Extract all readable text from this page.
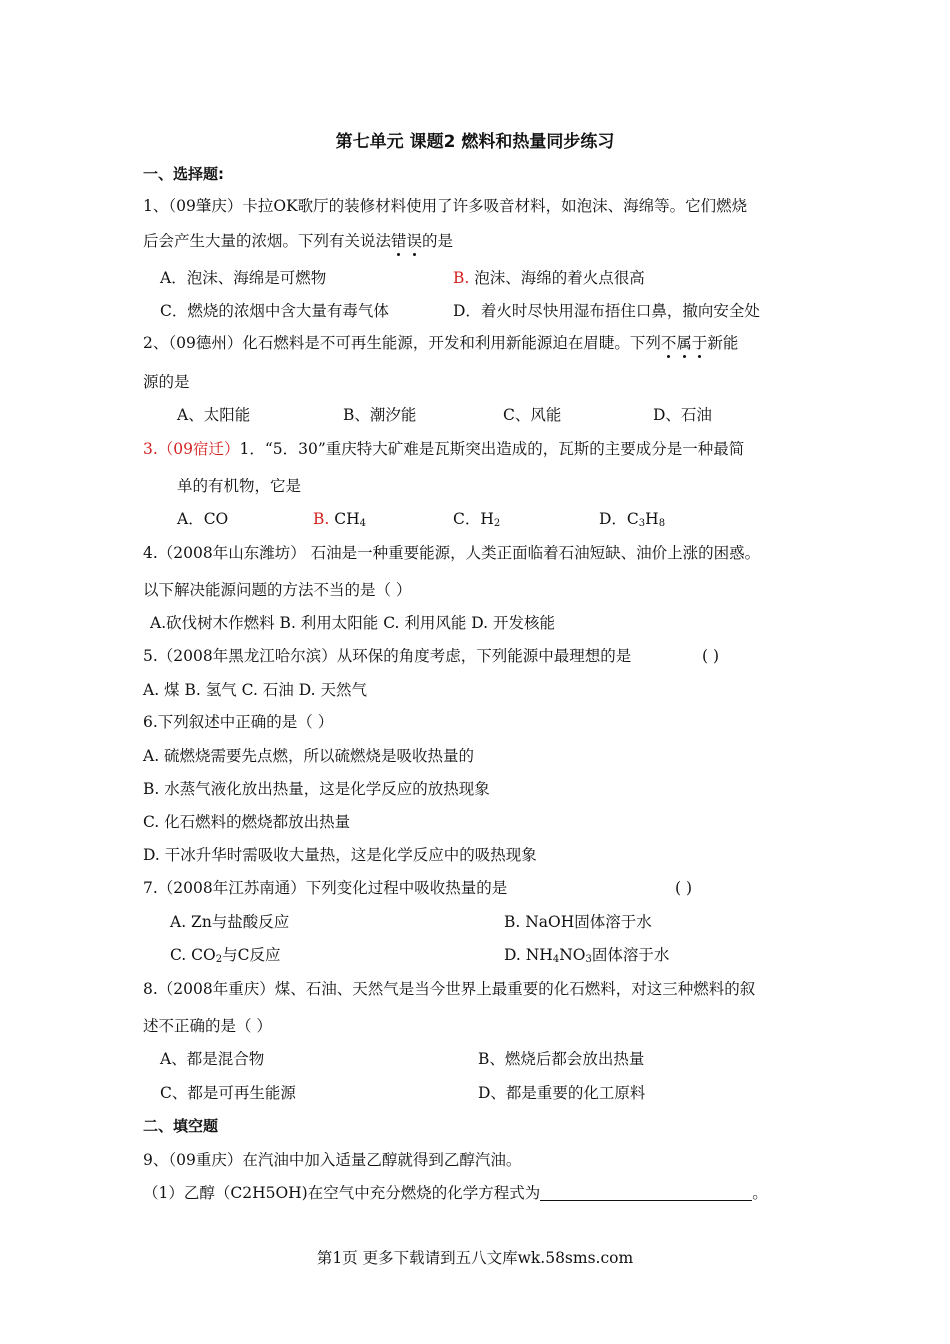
第七单元 课题2 燃料和热量同步练习
一、选择题:
1、（09肇庆）卡拉OK歌厅的装修材料使用了许多吸音材料，如泡沫、海绵等。它们燃烧
后会产生大量的浓烟。下列有关说法错误的是
A．泡沫、海绵是可燃物	B. 泡沫、海绵的着火点很高
C．燃烧的浓烟中含大量有毒气体	D．着火时尽快用湿布捂住口鼻，撤向安全处
2、（09德州）化石燃料是不可再生能源，开发和利用新能源迫在眉睫。下列不属于新能
源的是
A、太阳能	B、潮汐能	C、风能	D、石油
3.（09宿迁）1．“5．30”重庆特大矿难是瓦斯突出造成的，瓦斯的主要成分是一种最简
单的有机物，它是
A．CO	B. $CH_4$	C．$H_2$	D．$C_3H_8$
4.（2008年山东潍坊） 石油是一种重要能源，人类正面临着石油短缺、油价上涨的困惑。
以下解决能源问题的方法不当的是（ ）
A.砍伐树木作燃料 B. 利用太阳能 C. 利用风能 D. 开发核能
5.（2008年黑龙江哈尔滨）从环保的角度考虑，下列能源中最理想的是	( )
A. 煤 B. 氢气 C. 石油 D. 天然气
6.下列叙述中正确的是（ ）
A. 硫燃烧需要先点燃，所以硫燃烧是吸收热量的
B. 水蒸气液化放出热量，这是化学反应的放热现象
C. 化石燃料的燃烧都放出热量
D. 干冰升华时需吸收大量热，这是化学反应中的吸热现象
7.（2008年江苏南通）下列变化过程中吸收热量的是	( )
A. Zn与盐酸反应	B. NaOH固体溶于水
C. $CO_2$与C反应	D. $NH_4NO_3$固体溶于水
8.（2008年重庆）煤、石油、天然气是当今世界上最重要的化石燃料，对这三种燃料的叙
述不正确的是（ ）
A、都是混合物	B、燃烧后都会放出热量
C、都是可再生能源	D、都是重要的化工原料
二、填空题
9、（09重庆）在汽油中加入适量乙醇就得到乙醇汽油。
（1）乙醇（C2H5OH)在空气中充分燃烧的化学方程式为	。
第1页 更多下载请到五八文库wk.58sms.com
